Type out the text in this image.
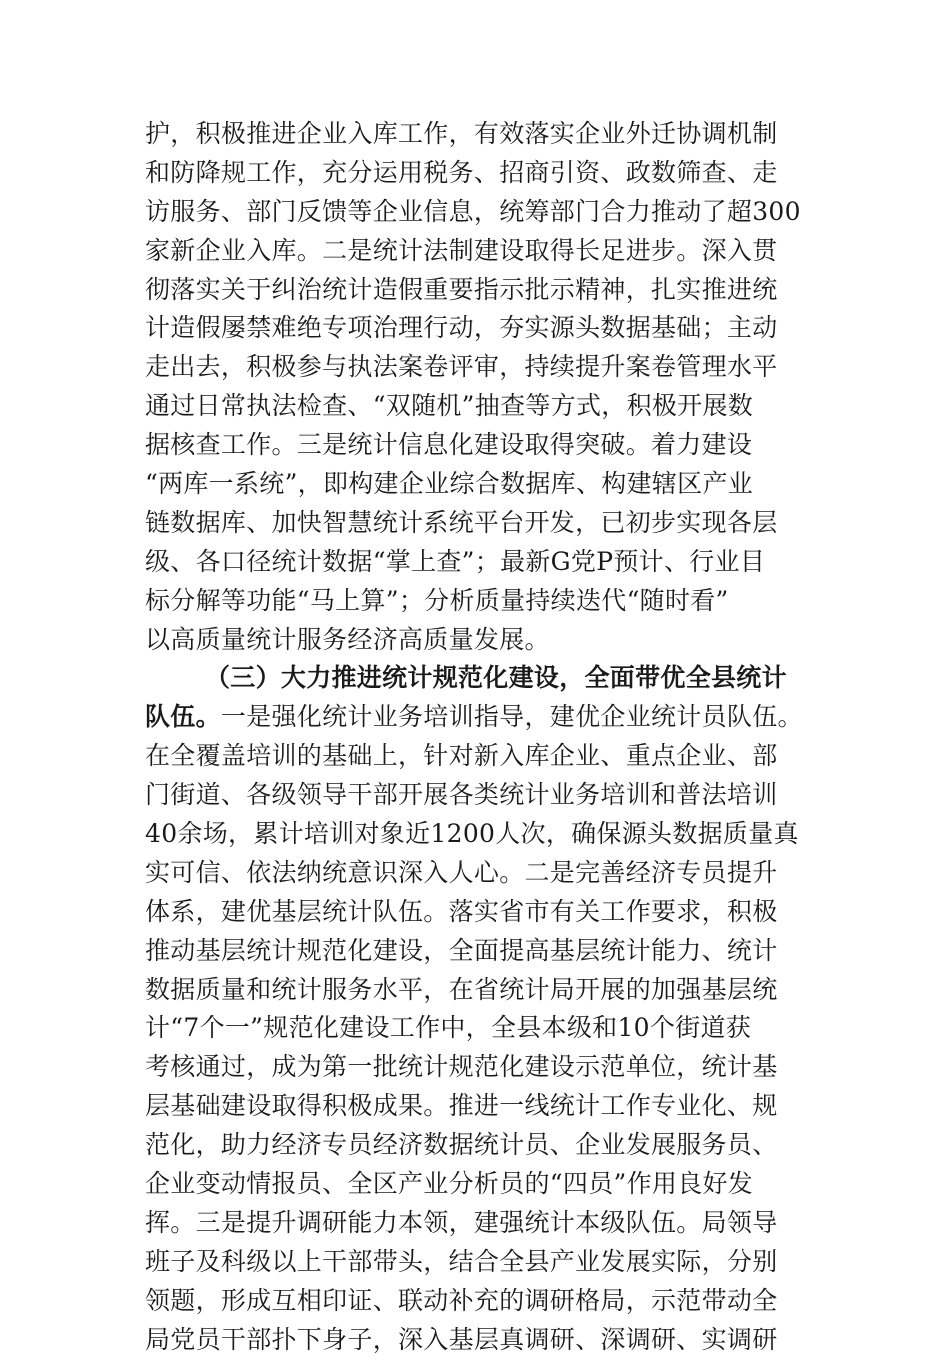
护，积极推进企业入库工作，有效落实企业外迁协调机制
和防降规工作，充分运用税务、招商引资、政数筛查、走
访服务、部门反馈等企业信息，统筹部门合力推动了超300
家新企业入库。二是统计法制建设取得长足进步。深入贯
彻落实关于纠治统计造假重要指示批示精神，扎实推进统
计造假屡禁难绝专项治理行动，夯实源头数据基础；主动
走出去，积极参与执法案卷评审，持续提升案卷管理水平
通过日常执法检查、“双随机”抽查等方式，积极开展数
据核查工作。三是统计信息化建设取得突破。着力建设
“两库一系统”，即构建企业综合数据库、构建辖区产业
链数据库、加快智慧统计系统平台开发，已初步实现各层
级、各口径统计数据“掌上查”；最新G党P预计、行业目
标分解等功能“马上算”；分析质量持续迭代“随时看”
以高质量统计服务经济高质量发展。
（三）大力推进统计规范化建设，全面带优全县统计
队伍。一是强化统计业务培训指导，建优企业统计员队伍。
在全覆盖培训的基础上，针对新入库企业、重点企业、部
门街道、各级领导干部开展各类统计业务培训和普法培训
40余场，累计培训对象近1200人次，确保源头数据质量真
实可信、依法纳统意识深入人心。二是完善经济专员提升
体系，建优基层统计队伍。落实省市有关工作要求，积极
推动基层统计规范化建设，全面提高基层统计能力、统计
数据质量和统计服务水平，在省统计局开展的加强基层统
计“7个一”规范化建设工作中，全县本级和10个街道获
考核通过，成为第一批统计规范化建设示范单位，统计基
层基础建设取得积极成果。推进一线统计工作专业化、规
范化，助力经济专员经济数据统计员、企业发展服务员、
企业变动情报员、全区产业分析员的“四员”作用良好发
挥。三是提升调研能力本领，建强统计本级队伍。局领导
班子及科级以上干部带头，结合全县产业发展实际，分别
领题，形成互相印证、联动补充的调研格局，示范带动全
局党员干部扑下身子，深入基层真调研、深调研、实调研
